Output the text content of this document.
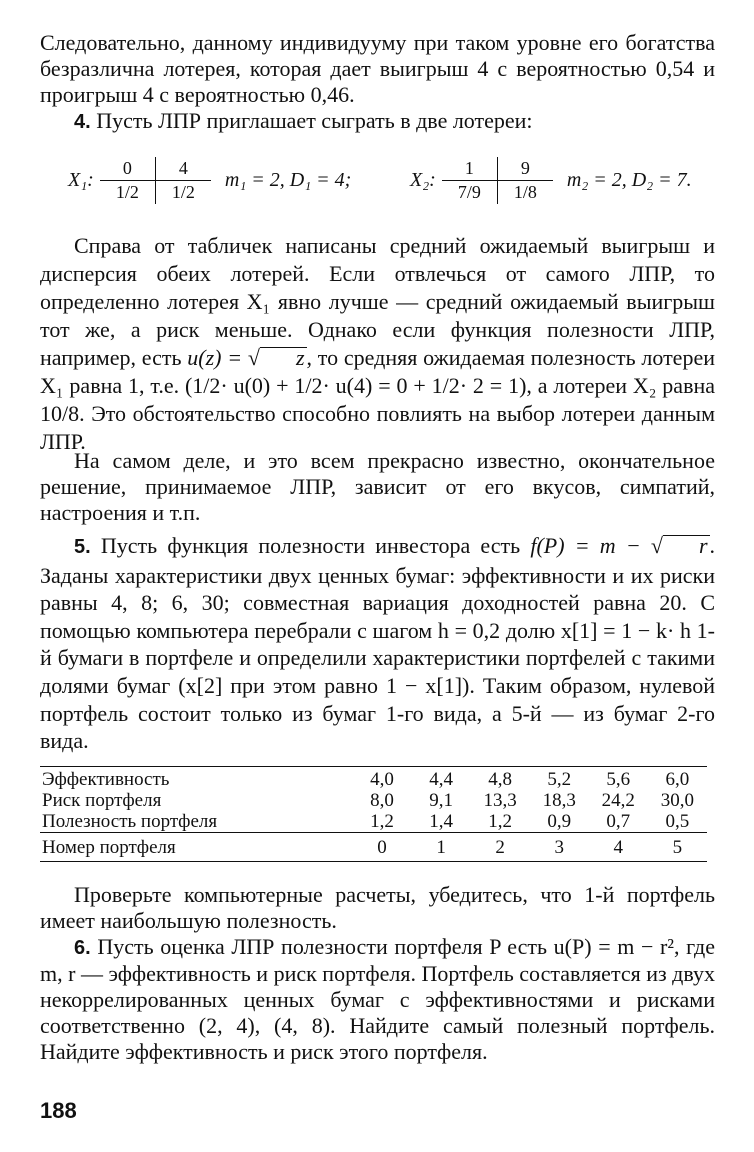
Следовательно, данному индивидууму при таком уровне его богатства безразлична лотерея, которая дает выигрыш 4 с вероятностью 0,54 и проигрыш 4 с вероятностью 0,46.

4. Пусть ЛПР приглашает сыграть в две лотереи:

X₁:
0	4
1/2	1/2
m₁ = 2, D₁ = 4;	X₂:
1	9
7/9	1/8
m₂ = 2, D₂ = 7.

Справа от табличек написаны средний ожидаемый выигрыш и дисперсия обеих лотерей. Если отвлечься от самого ЛПР, то определенно лотерея X₁ явно лучше — средний ожидаемый выигрыш тот же, а риск меньше. Однако если функция полезности ЛПР, например, есть u(z) = √ z, то средняя ожидаемая полезность лотереи X₁ равна 1, т.е. (1/2· u(0) + 1/2· u(4) = 0 + 1/2· 2 = 1), а лотереи X₂ равна 10/8. Это обстоятельство способно повлиять на выбор лотереи данным ЛПР.

На самом деле, и это всем прекрасно известно, окончательное решение, принимаемое ЛПР, зависит от его вкусов, симпатий, настроения и т.п.

5. Пусть функция полезности инвестора есть f(P) = m − √ r. Заданы характеристики двух ценных бумаг: эффективности и их риски равны 4, 8; 6, 30; совместная вариация доходностей равна 20. С помощью компьютера перебрали с шагом h = 0,2 долю x[1] = 1 − k· h 1-й бумаги в портфеле и определили характеристики портфелей с такими долями бумаг (x[2] при этом равно 1 − x[1]). Таким образом, нулевой портфель состоит только из бумаг 1-го вида, а 5-й — из бумаг 2-го вида.

Эффективность	4,0	4,4	4,8	5,2	5,6	6,0
Риск портфеля	8,0	9,1	13,3	18,3	24,2	30,0
Полезность портфеля	1,2	1,4	1,2	0,9	0,7	0,5
Номер портфеля	0	1	2	3	4	5

Проверьте компьютерные расчеты, убедитесь, что 1-й портфель имеет наибольшую полезность.

6. Пусть оценка ЛПР полезности портфеля P есть u(P) = m − r², где m, r — эффективность и риск портфеля. Портфель составляется из двух некоррелированных ценных бумаг с эффективностями и рисками соответственно (2, 4), (4, 8). Найдите самый полезный портфель. Найдите эффективность и риск этого портфеля.

188
